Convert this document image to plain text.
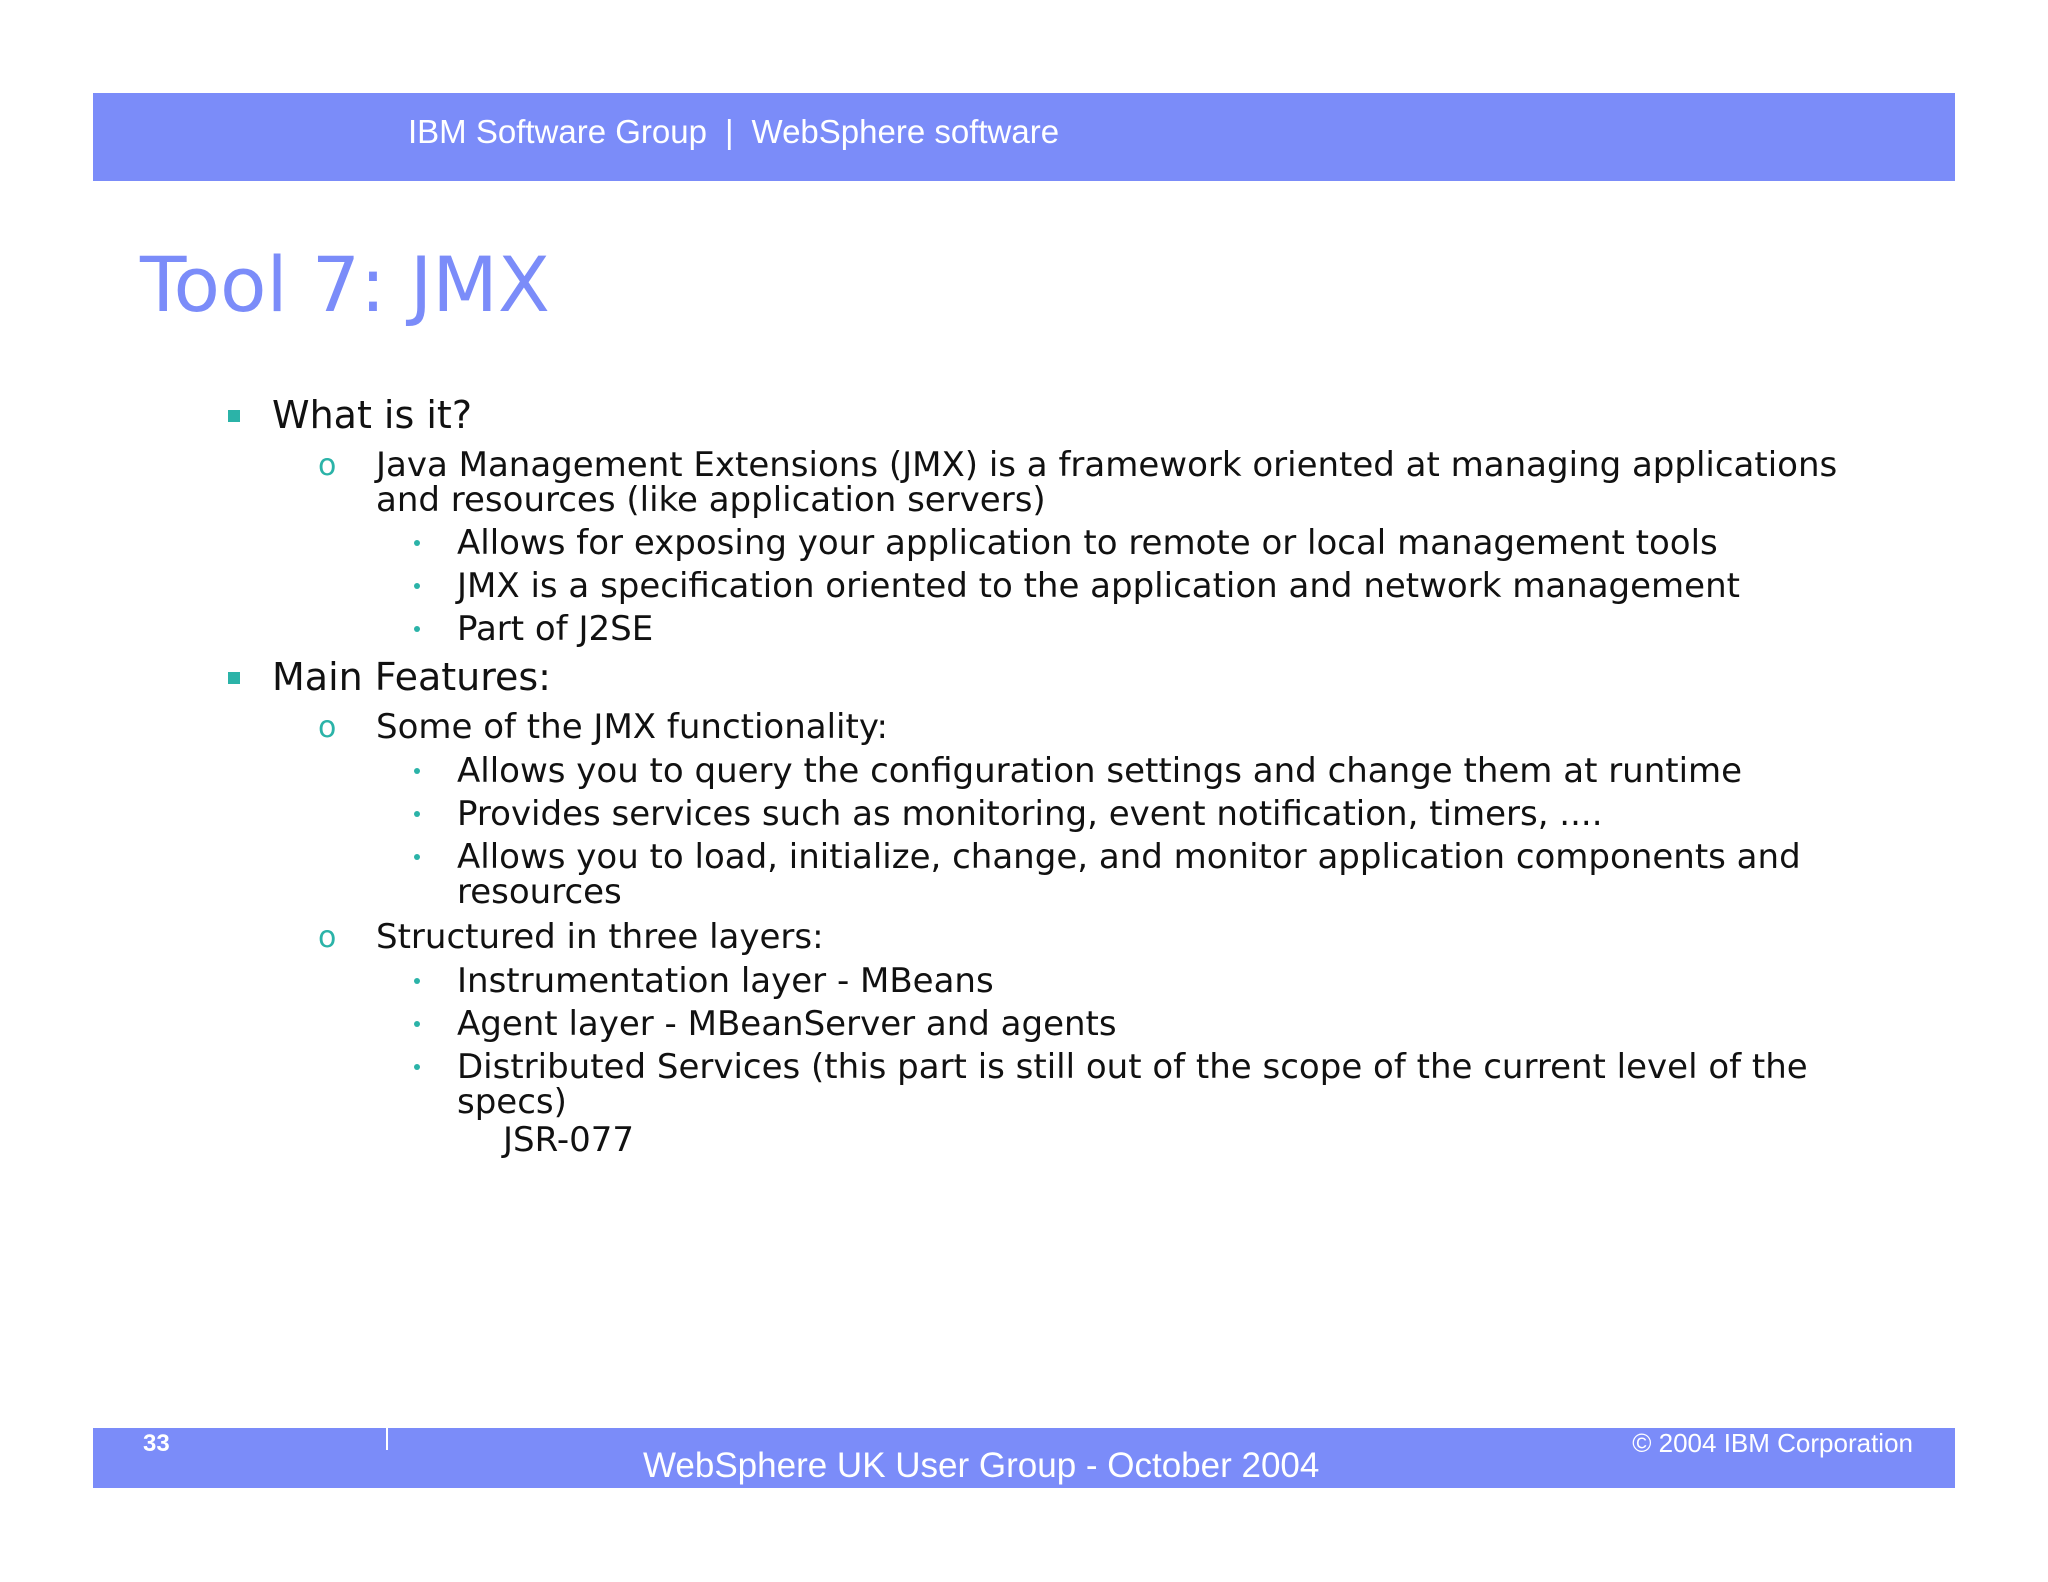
IBM Software Group | WebSphere software
Tool 7: JMX
What is it?
o Java Management Extensions (JMX) is a framework oriented at managing applications
and resources (like application servers)
Allows for exposing your application to remote or local management tools
JMX is a specification oriented to the application and network management
Part of J2SE
Main Features:
o Some of the JMX functionality:
Allows you to query the configuration settings and change them at runtime
Provides services such as monitoring, event notification, timers, ....
Allows you to load, initialize, change, and monitor application components and
resources
o Structured in three layers:
Instrumentation layer - MBeans
Agent layer - MBeanServer and agents
Distributed Services (this part is still out of the scope of the current level of the
specs)
JSR-077
33
WebSphere UK User Group - October 2004
© 2004 IBM Corporation
